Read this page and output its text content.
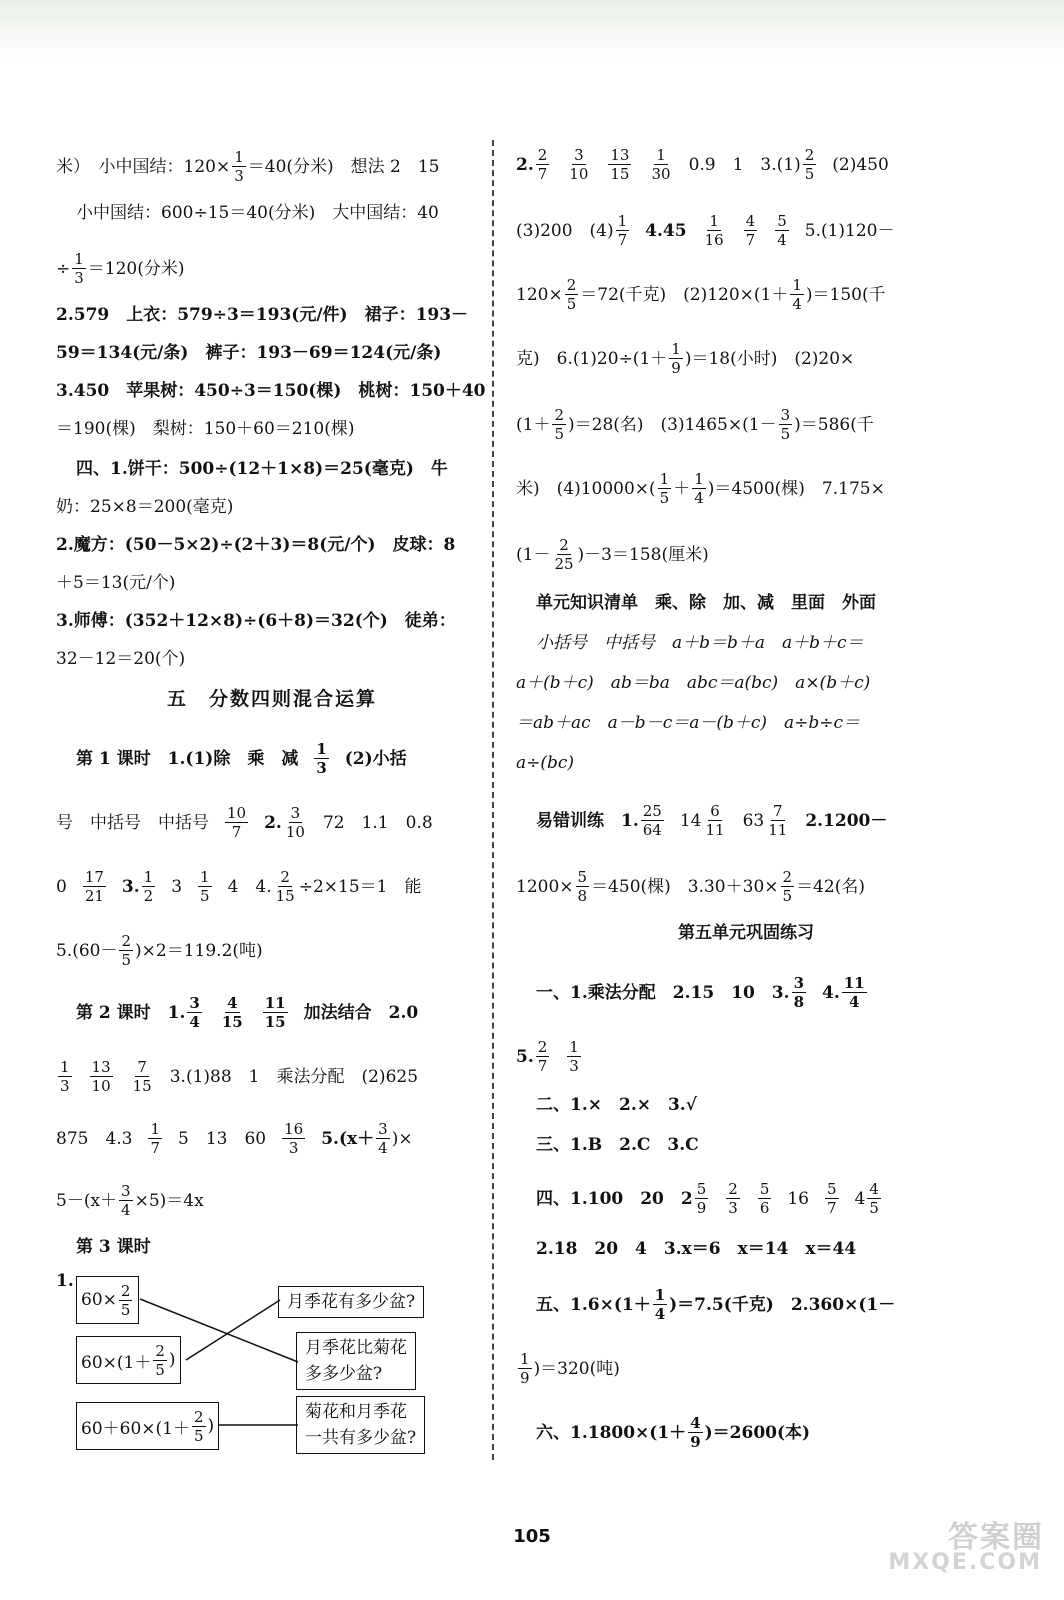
米）　小中国结：$120\times \frac{1}{3} =40$(分米)　想法 2　15
小中国结：600÷15＝40(分米)　大中国结：40
÷ $\frac{1}{3} =120$(分米)
2.579　上衣：579÷3＝193(元/件)　裙子：193－
59＝134(元/条)　裤子：193－69＝124(元/条)
3.450　苹果树：450÷3＝150(棵)　桃树：150＋40
＝190(棵)　梨树：150＋60＝210(棵)
四、1.饼干：500÷(12＋1×8)＝25(毫克)　牛
奶：25×8＝200(毫克)
2.魔方：(50－5×2)÷(2＋3)＝8(元/个)　皮球：8
＋5＝13(元/个)
3.师傅：(352＋12×8)÷(6＋8)＝32(个)　徒弟：
32－12＝20(个)
五　分数四则混合运算
第 1 课时　1.(1)除　乘　减 $\frac{1}{3} (2)$小括
号　中括号　中括号 $\frac{10}{7} 2$. $\frac{3}{10} 72$　1.1　0.8
$0 \frac{17}{21} 3$. $\frac{1}{2} 3 \frac{1}{5} 4$　4. $\frac{2}{15} \div 2\times 15=1$　能
$5.(60- \frac{2}{5} )\times 2=119.2$(吨)
第 2 课时　1. $\frac{3}{4} \frac{4}{15} \frac{11}{15}$ 加法结合　2.0
$\frac{1}{3} \frac{13}{10} \frac{7}{15} 3.(1)88$　1　乘法分配　(2)625
875　$4.3 \frac{1}{7} 5$　13　$60 \frac{16}{3} 5.(x+ \frac{3}{4}$ )×
$5-(x+ \frac{3}{4} \times 5)=4x$
第 3 课时
1.
$60\times \frac{2}{5}$
$60\times(1+ \frac{2}{5}$ )
$60+60\times(1+ \frac{2}{5}$ )
月季花有多少盆?
月季花比菊花
多多少盆?
菊花和月季花
一共有多少盆?
2. $\frac{2}{7} \frac{3}{10} \frac{13}{15} \frac{1}{30} 0.9$　1　$3.(1) \frac{2}{5} (2)450$
(3)200　$(4) \frac{1}{7} 4.45 \frac{1}{16} \frac{4}{7} \frac{5}{4} 5.(1)120-$
$120\times \frac{2}{5} =72$(千克)　$(2)120\times(1+ \frac{1}{4} )=150$(千
克)　$6.(1)20\div(1+ \frac{1}{9} )=18$(小时)　(2)20×
$(1+ \frac{2}{5} )=28$(名)　$(3)1465\times(1- \frac{3}{5} )=586$(千
米)　$(4)10000\times( \frac{1}{5} + \frac{1}{4} )=4500$(棵)　7.175×
$(1- \frac{2}{25} )-3=158$(厘米)
单元知识清单　乘、除　加、减　里面　外面
小括号　中括号　a＋b＝b＋a　a＋b＋c＝
a＋(b＋c)　ab＝ba　abc＝a(bc)　a×(b＋c)
＝ab＋ac　a－b－c＝a－(b＋c)　a÷b÷c＝
a÷(bc)
易错训练　1. $\frac{25}{64} 14 \frac{6}{11} 63 \frac{7}{11} 2.1200-$
$1200\times \frac{5}{8} =450$(棵)　$3.30+30\times \frac{2}{5} =42$(名)
第五单元巩固练习
一、1.乘法分配　2.15　10　3. $\frac{3}{8} 4$. $\frac{11}{4}$
5. $\frac{2}{7} \frac{1}{3}$
二、1.×　2.×　3.√
三、1.B　2.C　3.C
四、1.100　20　$2 \frac{5}{9} \frac{2}{3} \frac{5}{6} 16 \frac{5}{7} 4 \frac{4}{5}$
2.18　20　4　3.x＝6　x＝14　x＝44
五、$1.6\times(1+ \frac{1}{4} )=7.5$(千克)　2.360×(1－
$\frac{1}{9} )=320$(吨)
六、$1.1800\times(1+ \frac{4}{9} )=2600$(本)
105	答案圈
MXQE.COM
